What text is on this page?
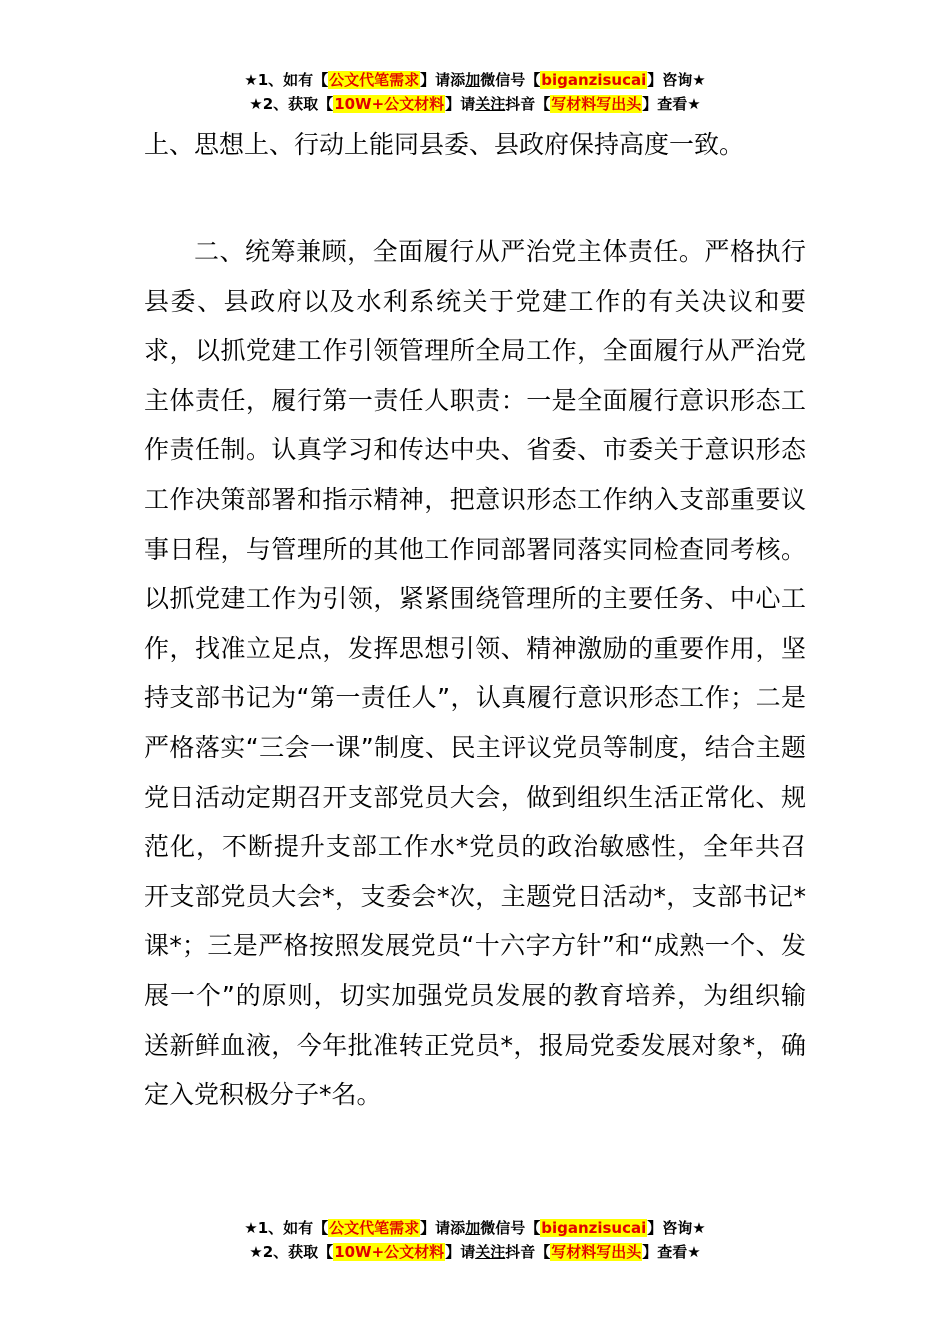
★1、如有【公文代笔需求】请添加微信号【biganzisucai】咨询★
★2、获取【10W+公文材料】请关注抖音【写材料写出头】查看★
上、思想上、行动上能同县委、县政府保持高度一致。
二、统筹兼顾，全面履行从严治党主体责任。严格执行县委、县政府以及水利系统关于党建工作的有关决议和要求，以抓党建工作引领管理所全局工作，全面履行从严治党主体责任，履行第一责任人职责：一是全面履行意识形态工作责任制。认真学习和传达中央、省委、市委关于意识形态工作决策部署和指示精神，把意识形态工作纳入支部重要议事日程，与管理所的其他工作同部署同落实同检查同考核。以抓党建工作为引领，紧紧围绕管理所的主要任务、中心工作，找准立足点，发挥思想引领、精神激励的重要作用，坚持支部书记为“第一责任人”，认真履行意识形态工作；二是严格落实“三会一课”制度、民主评议党员等制度，结合主题党日活动定期召开支部党员大会，做到组织生活正常化、规范化，不断提升支部工作水*党员的政治敏感性，全年共召开支部党员大会*，支委会*次，主题党日活动*，支部书记*课*；三是严格按照发展党员“十六字方针”和“成熟一个、发展一个”的原则，切实加强党员发展的教育培养，为组织输送新鲜血液，今年批准转正党员*，报局党委发展对象*，确定入党积极分子*名。
★1、如有【公文代笔需求】请添加微信号【biganzisucai】咨询★
★2、获取【10W+公文材料】请关注抖音【写材料写出头】查看★
